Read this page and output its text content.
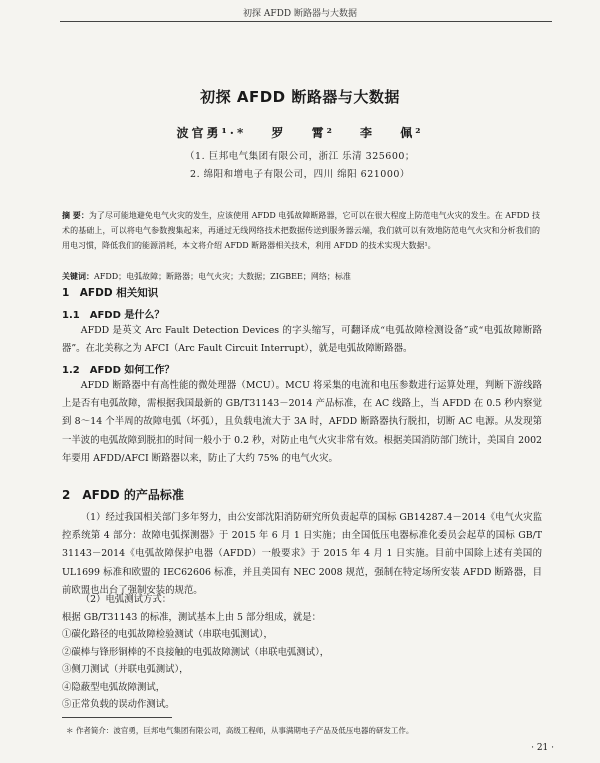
初探 AFDD 断路器与大数据
初探 AFDD 断路器与大数据
波官勇¹·* 罗 霄² 李 佩²
（1. 巨邦电气集团有限公司，浙江 乐清 325600；
2. 绵阳和增电子有限公司，四川 绵阳 621000）
摘 要：为了尽可能地避免电气火灾的发生，应该使用 AFDD 电弧故障断路器，它可以在很大程度上防范电气火灾的发生。在 AFDD 技术的基础上，可以将电气参数搜集起来，再通过无线网络技术把数据传送到服务器云端，我们就可以有效地防范电气火灾和分析我们的用电习惯，降低我们的能源消耗，本文将介绍 AFDD 断路器相关技术，利用 AFDD 的技术实现大数据¹。
关键词：AFDD；电弧故障；断路器；电气火灾；大数据；ZIGBEE；网络；标准
1　AFDD 相关知识
1.1　AFDD 是什么？
AFDD 是英文 Arc Fault Detection Devices 的字头缩写，可翻译成“电弧故障检测设备”或“电弧故障断路器”。在北美称之为 AFCI（Arc Fault Circuit Interrupt），就是电弧故障断路器。
1.2　AFDD 如何工作？
AFDD 断路器中有高性能的微处理器（MCU）。MCU 将采集的电流和电压参数进行运算处理，判断下游线路上是否有电弧故障，需根据我国最新的 GB/T31143－2014 产品标准，在 AC 线路上，当 AFDD 在 0.5 秒内察觉到 8～14 个半周的故障电弧（坏弧），且负载电流大于 3A 时，AFDD 断路器执行脱扣，切断 AC 电源。从发现第一半波的电弧故障到脱扣的时间一般小于 0.2 秒，对防止电气火灾非常有效。根据美国消防部门统计，美国自 2002 年要用 AFDD/AFCI 断路器以来，防止了大约 75% 的电气火灾。
2　AFDD 的产品标准
（1）经过我国相关部门多年努力，由公安部沈阳消防研究所负责起草的国标 GB14287.4－2014《电气火灾监控系统第 4 部分：故障电弧探测器》于 2015 年 6 月 1 日实施；由全国低压电器标准化委员会起草的国标 GB/T 31143－2014《电弧故障保护电器（AFDD）一般要求》于 2015 年 4 月 1 日实施。目前中国除上述有美国的 UL1699 标准和欧盟的 IEC62606 标准，并且美国有 NEC 2008 规范，强制在特定场所安装 AFDD 断路器，目前欧盟也出台了强制安装的规范。
（2）电弧测试方式：
根据 GB/T31143 的标准，测试基本上由 5 部分组成，就是：
①碳化路径的电弧故障检验测试（串联电弧测试），
②碳棒与锋形铜棒的不良接触的电弧故障测试（串联电弧测试），
③侧刀测试（并联电弧测试），
④隐蔽型电弧故障测试，
⑤正常负载的误动作测试。
＊ 作者简介：波官勇，巨邦电气集团有限公司，高级工程师，从事满期电子产品及低压电器的研发工作。
· 21 ·
